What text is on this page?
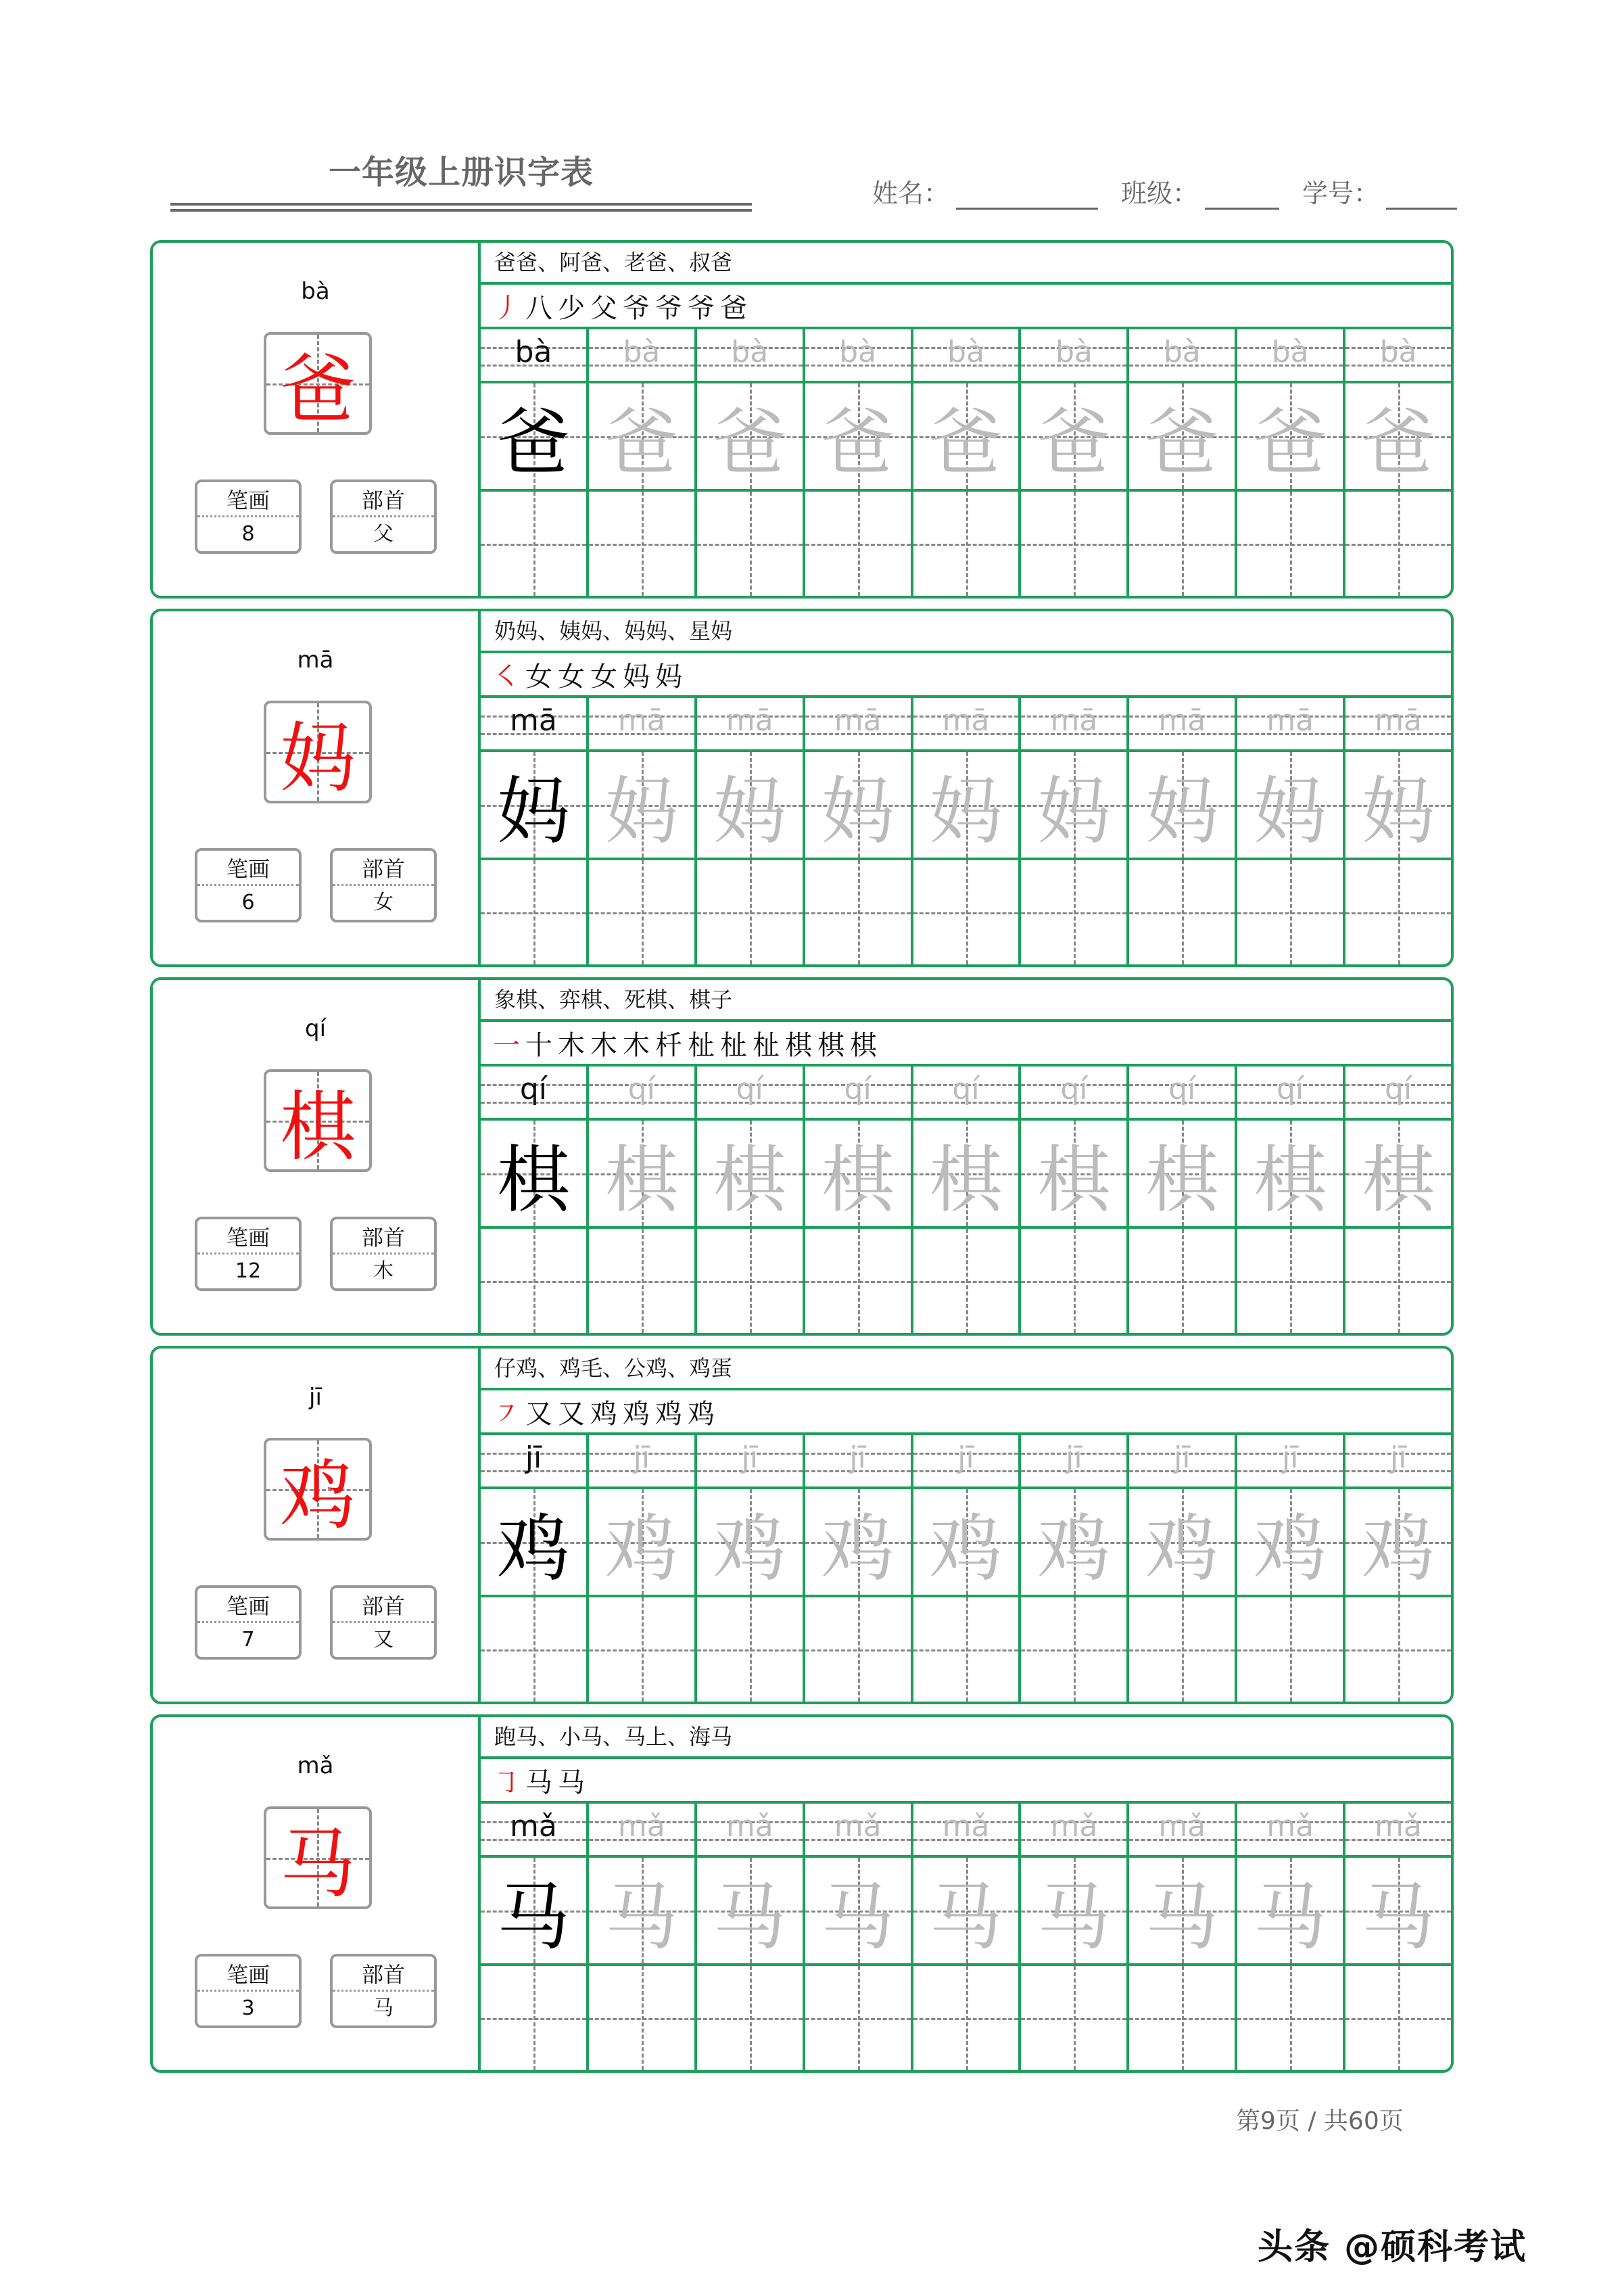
一年级上册识字表
姓名：	班级：	学号：
bà
爸
笔画
8
部首
父
爸爸、阿爸、老爸、叔爸
丿 八 少 父 爷 爷 爷 爸
bà	bà	bà	bà	bà	bà	bà	bà	bà
爸 爸 爸 爸 爸 爸 爸 爸 爸
mā
妈
笔画
6
部首
女
奶妈、姨妈、妈妈、星妈
㇛ 女 女 女 妈 妈
mā	mā	mā	mā	mā	mā	mā	mā	mā
妈 妈 妈 妈 妈 妈 妈 妈 妈
qí
棋
笔画
12
部首
木
象棋、弈棋、死棋、棋子
一 十 木 木 木 杄 杫 杫 杫 棋 棋 棋
qí	qí	qí	qí	qí	qí	qí	qí	qí
棋 棋 棋 棋 棋 棋 棋 棋 棋
jī
鸡
笔画
7
部首
又
仔鸡、鸡毛、公鸡、鸡蛋
㇇ 又 又 鸡 鸡 鸡 鸡
jī	jī	jī	jī	jī	jī	jī	jī	jī
鸡 鸡 鸡 鸡 鸡 鸡 鸡 鸡 鸡
mǎ
马
笔画
3
部首
马
跑马、小马、马上、海马
㇆ 马 马
mǎ	mǎ	mǎ	mǎ	mǎ	mǎ	mǎ	mǎ	mǎ
马 马 马 马 马 马 马 马 马
第9页 / 共60页
头条 @硕科考试
